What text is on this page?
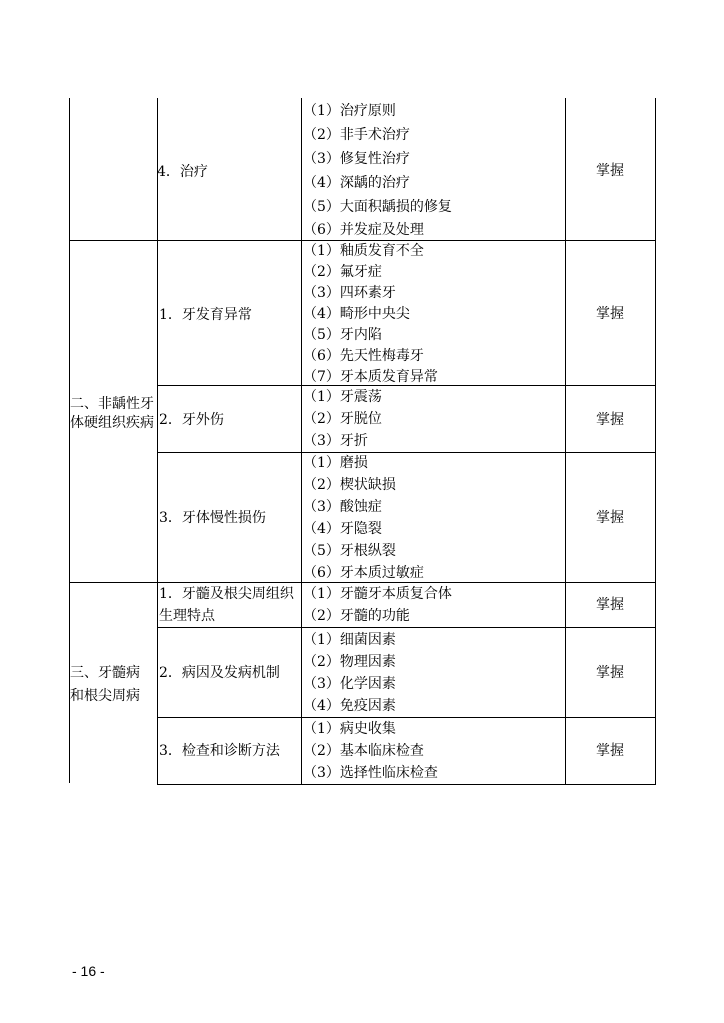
4．治疗
（1）治疗原则
（2）非手术治疗
（3）修复性治疗
（4）深龋的治疗
（5）大面积龋损的修复
（6）并发症及处理
掌握
二、非龋性牙
体硬组织疾病
1．牙发育异常
（1）釉质发育不全
（2）氟牙症
（3）四环素牙
（4）畸形中央尖
（5）牙内陷
（6）先天性梅毒牙
（7）牙本质发育异常
掌握
2．牙外伤
（1）牙震荡
（2）牙脱位
（3）牙折
掌握
3．牙体慢性损伤
（1）磨损
（2）楔状缺损
（3）酸蚀症
（4）牙隐裂
（5）牙根纵裂
（6）牙本质过敏症
掌握
三、牙髓病
和根尖周病
1．牙髓及根尖周组织
生理特点
（1）牙髓牙本质复合体
（2）牙髓的功能
掌握
2．病因及发病机制
（1）细菌因素
（2）物理因素
（3）化学因素
（4）免疫因素
掌握
3．检查和诊断方法
（1）病史收集
（2）基本临床检查
（3）选择性临床检查
掌握
- 16 -
